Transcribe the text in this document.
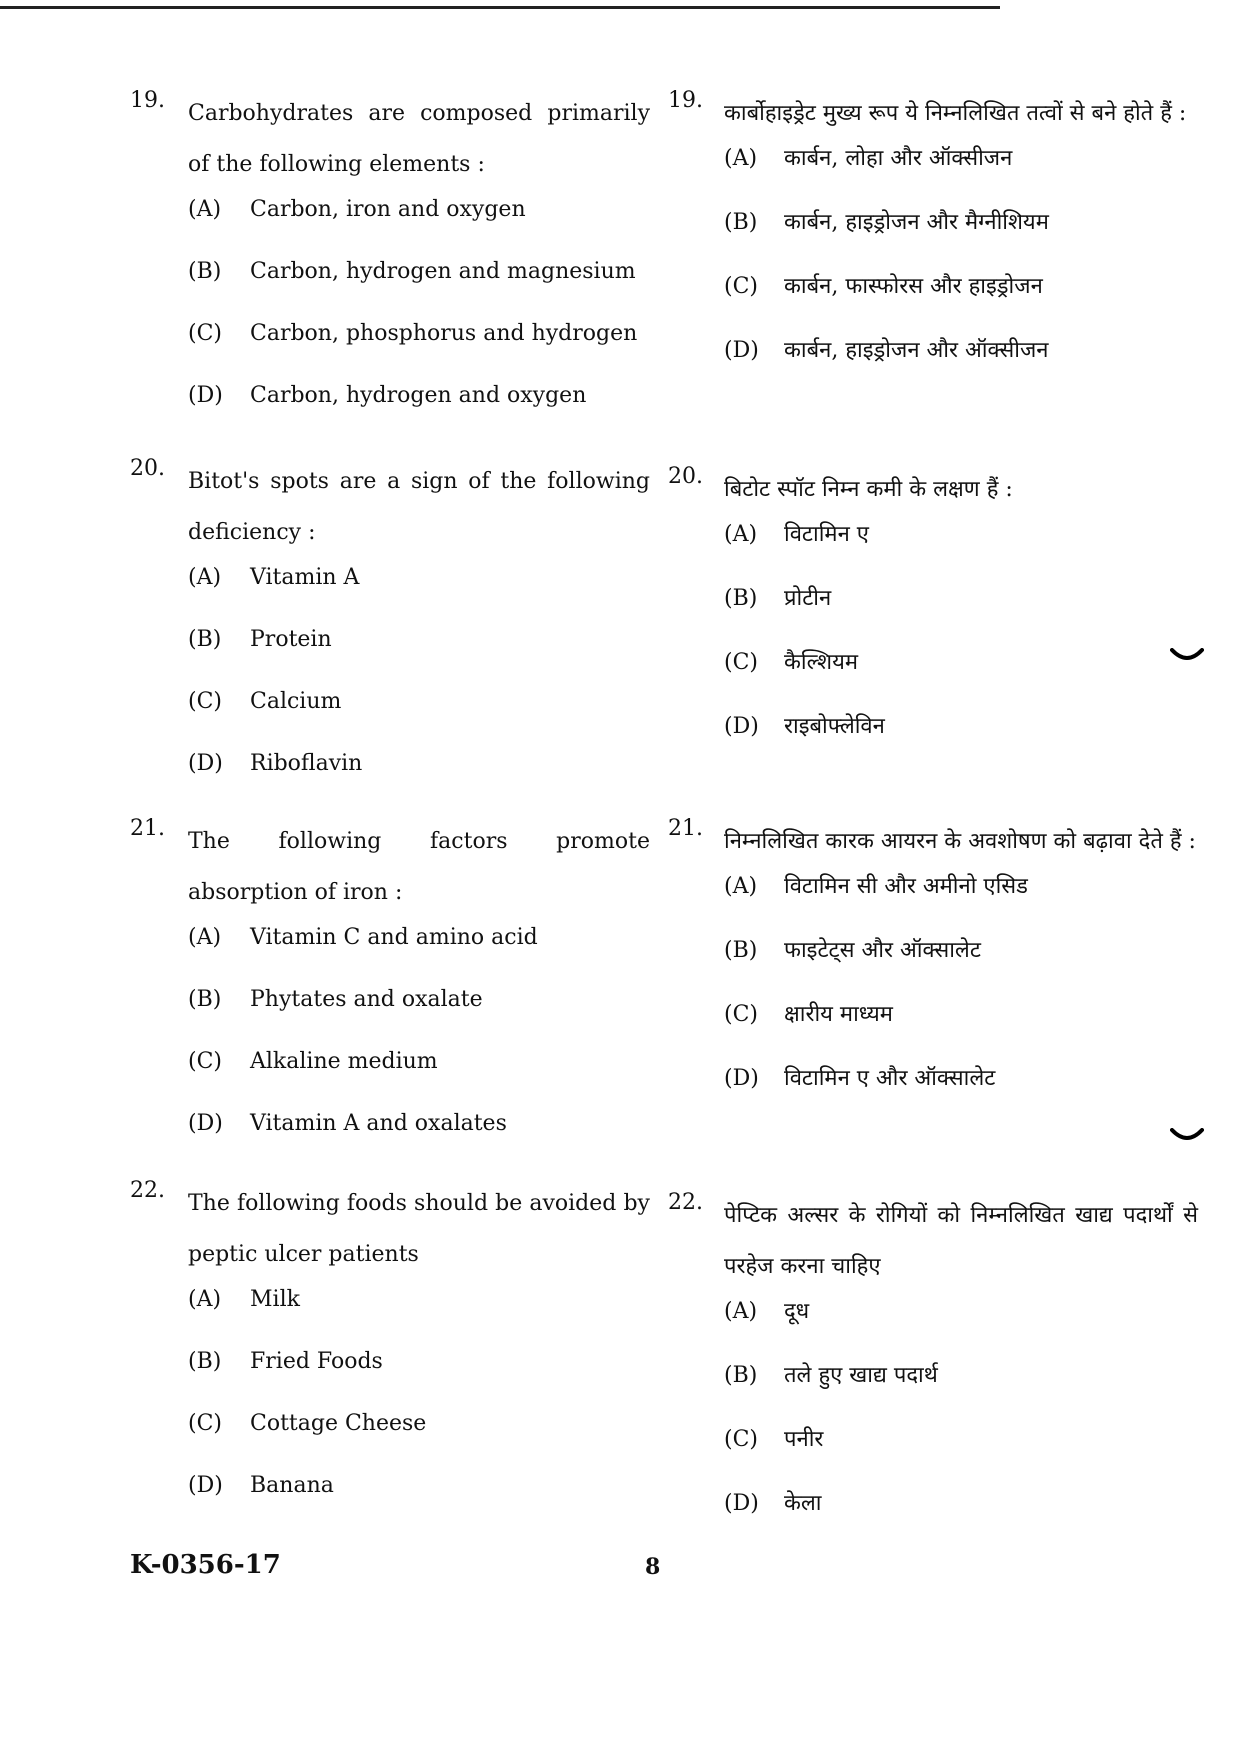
19.
Carbohydrates are composed primarily of the following elements :
(A) Carbon, iron and oxygen
(B) Carbon, hydrogen and magnesium
(C) Carbon, phosphorus and hydrogen
(D) Carbon, hydrogen and oxygen
20.
Bitot's spots are a sign of the following deficiency :
(A) Vitamin A
(B) Protein
(C) Calcium
(D) Riboflavin
21.
The following factors promote absorption of iron :
(A) Vitamin C and amino acid
(B) Phytates and oxalate
(C) Alkaline medium
(D) Vitamin A and oxalates
22.
The following foods should be avoided by peptic ulcer patients
(A) Milk
(B) Fried Foods
(C) Cottage Cheese
(D) Banana
19.
कार्बोहाइड्रेट मुख्य रूप ये निम्नलिखित तत्वों से बने होते हैं :
(A) कार्बन, लोहा और ऑक्सीजन
(B) कार्बन, हाइड्रोजन और मैग्नीशियम
(C) कार्बन, फास्फोरस और हाइड्रोजन
(D) कार्बन, हाइड्रोजन और ऑक्सीजन
20.
बिटोट स्पॉट निम्न कमी के लक्षण हैं :
(A) विटामिन ए
(B) प्रोटीन
(C) कैल्शियम
(D) राइबोफ्लेविन
21.
निम्नलिखित कारक आयरन के अवशोषण को बढ़ावा देते हैं :
(A) विटामिन सी और अमीनो एसिड
(B) फाइटेट्स और ऑक्सालेट
(C) क्षारीय माध्यम
(D) विटामिन ए और ऑक्सालेट
22.
पेप्टिक अल्सर के रोगियों को निम्नलिखित खाद्य पदार्थों से परहेज करना चाहिए
(A) दूध
(B) तले हुए खाद्य पदार्थ
(C) पनीर
(D) केला
K-0356-17	8
